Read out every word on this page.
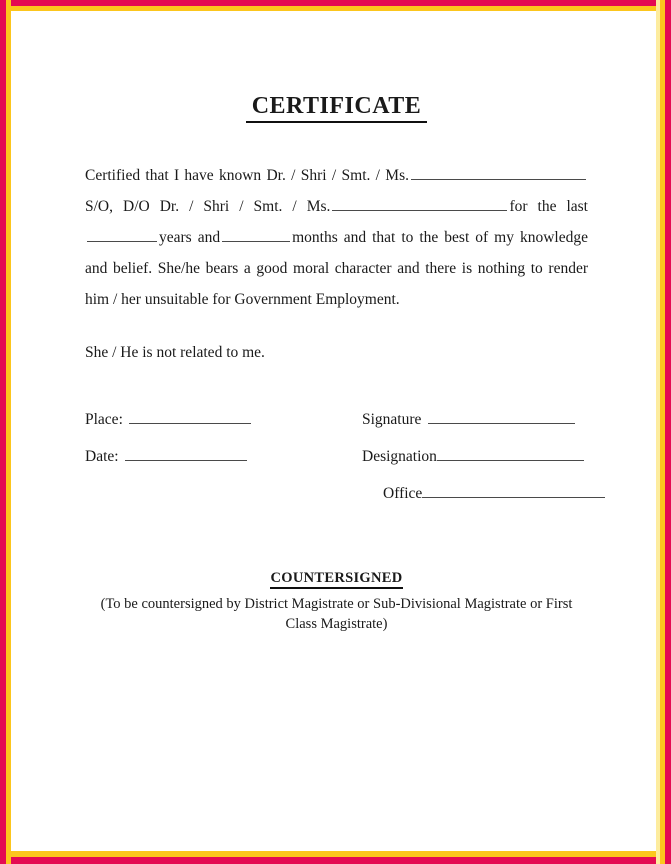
CERTIFICATE

Certified that I have known Dr. / Shri / Smt. / Ms.S/O, D/O Dr. / Shri / Smt. / Ms.	for the lastyears and	months and that to the best of my knowledge and belief. She/he bears a good moral character and there is nothing to render him / her unsuitable for Government Employment.

She / He is not related to me.

Place:
Date:
Signature
Designation
Office
COUNTERSIGNED
(To be countersigned by District Magistrate or Sub-Divisional Magistrate or First Class Magistrate)
